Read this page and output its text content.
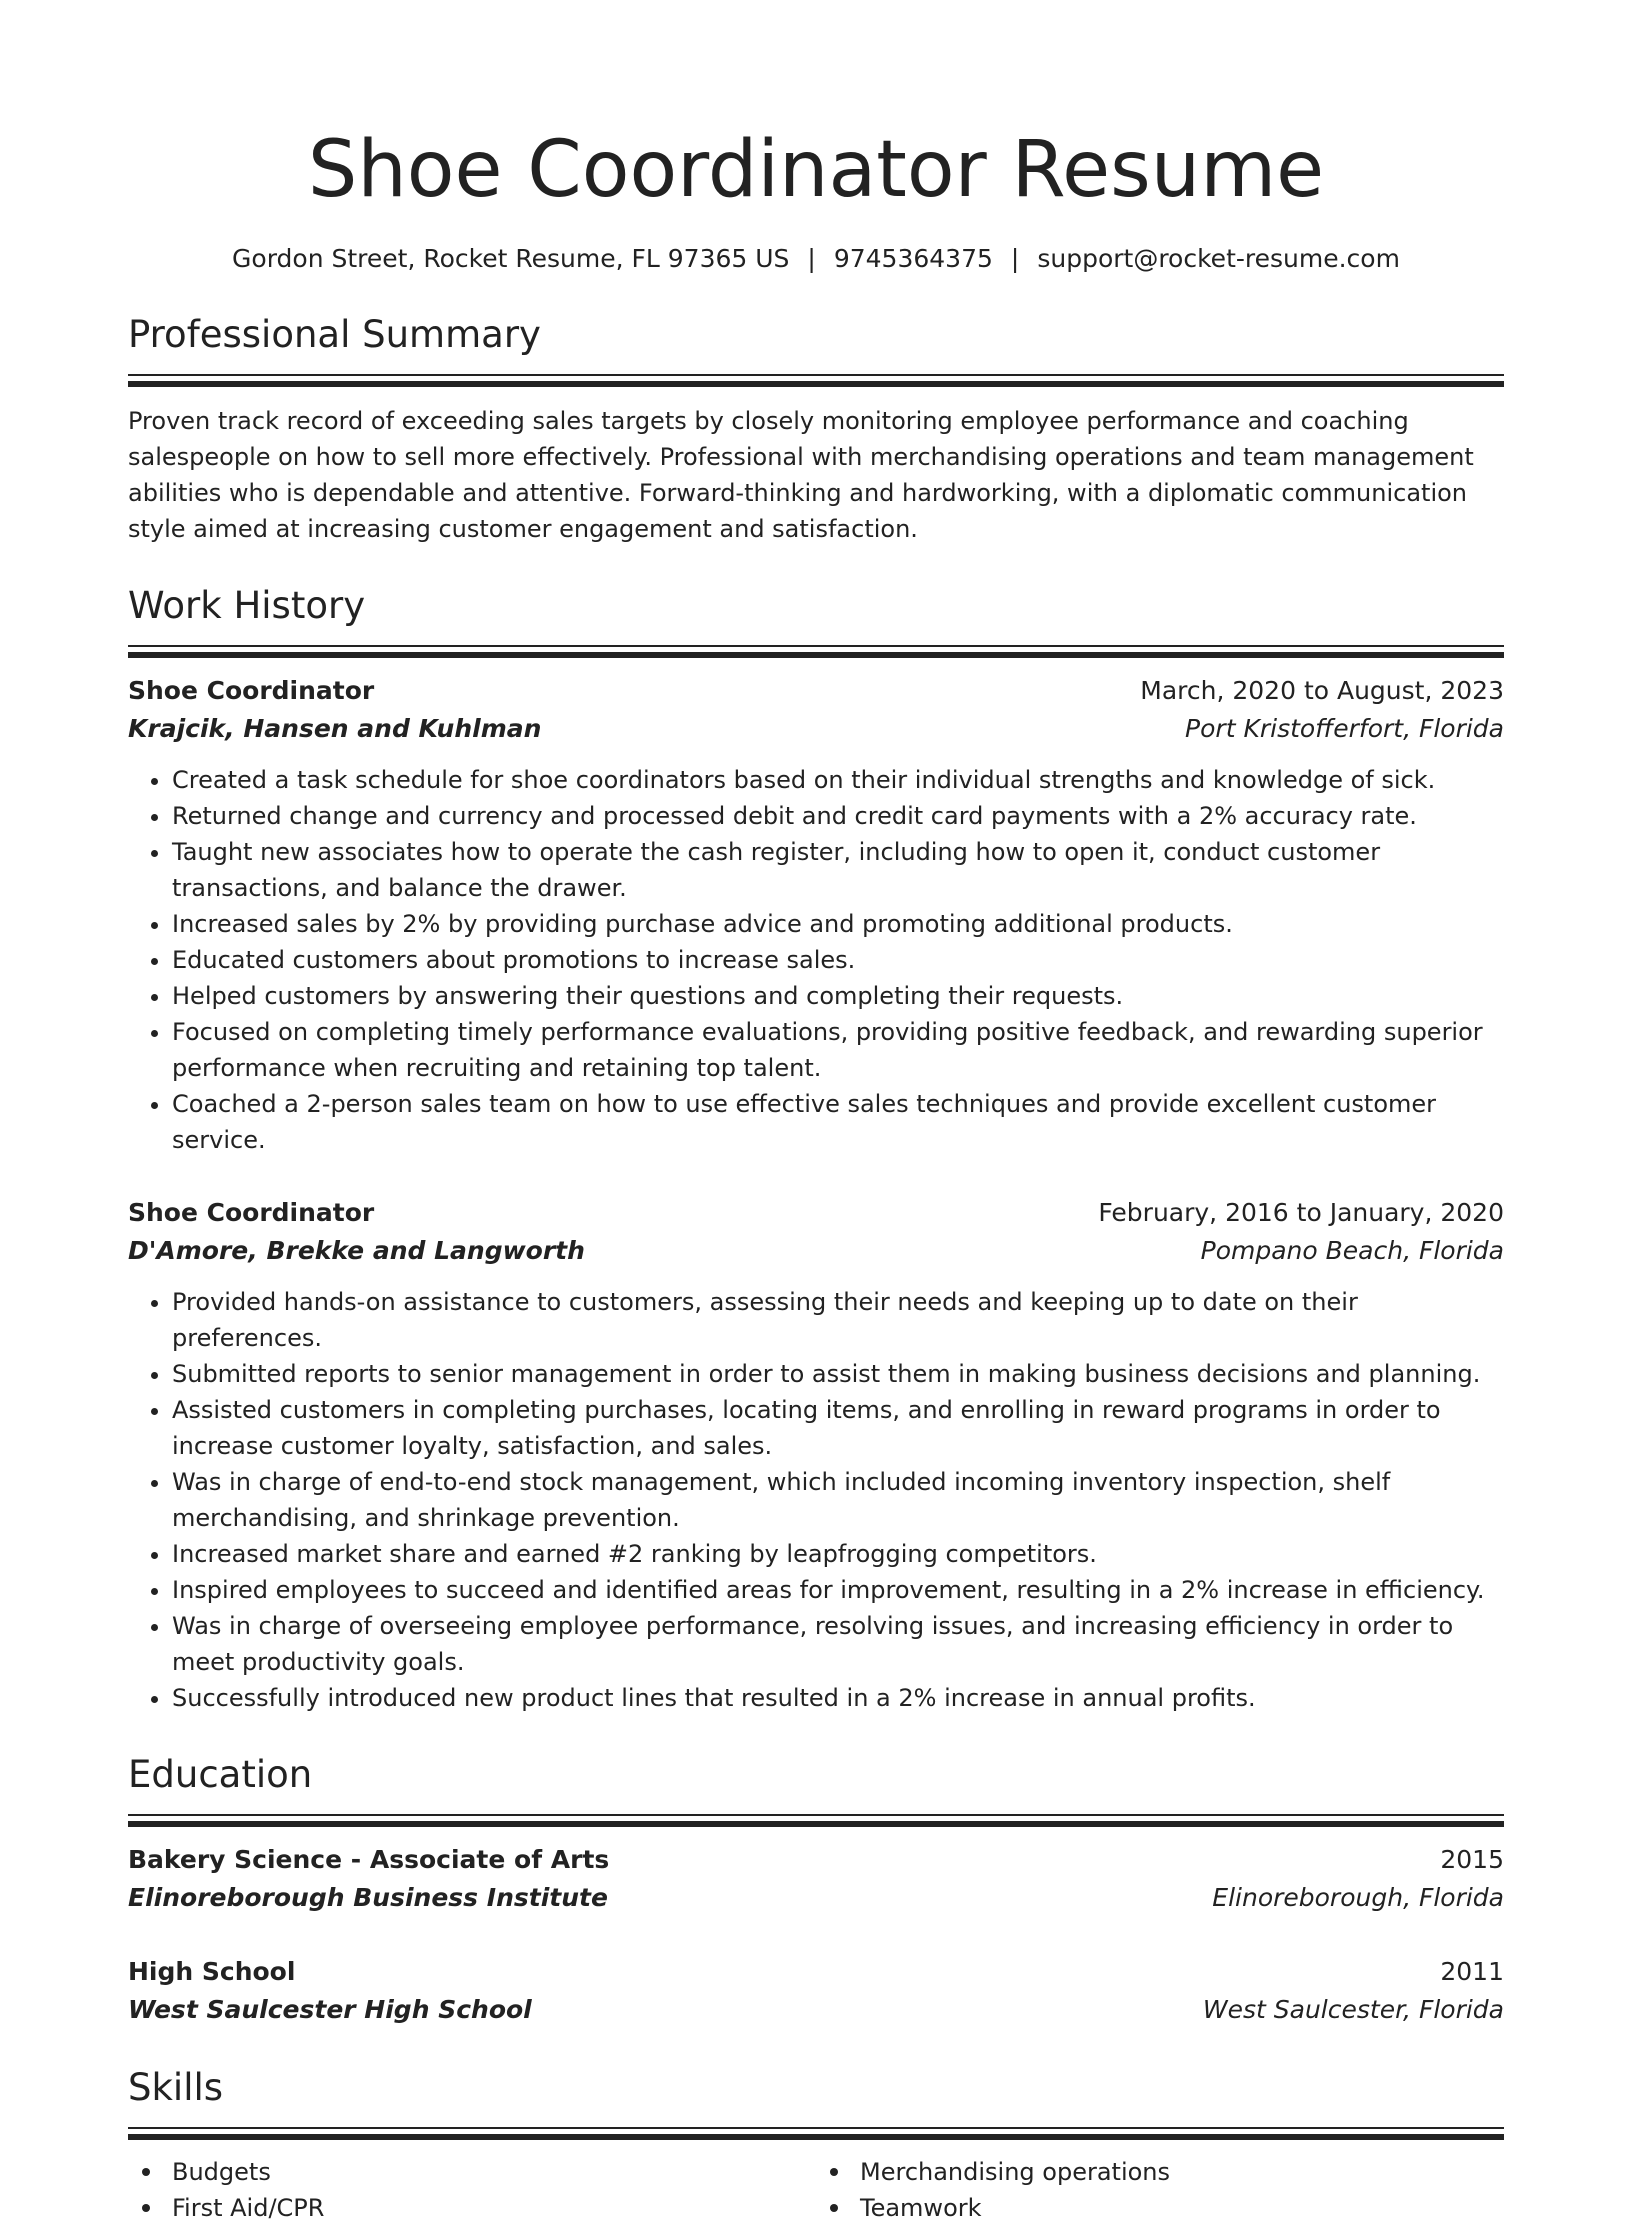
Shoe Coordinator Resume
Gordon Street, Rocket Resume, FL 97365 US | 9745364375 | support@rocket-resume.com
Professional Summary

Proven track record of exceeding sales targets by closely monitoring employee performance and coaching salespeople on how to sell more effectively. Professional with merchandising operations and team management abilities who is dependable and attentive. Forward-thinking and hardworking, with a diplomatic communication style aimed at increasing customer engagement and satisfaction.

Work History
Shoe Coordinator	March, 2020 to August, 2023
Krajcik, Hansen and Kuhlman	Port Kristofferfort, Florida
• Created a task schedule for shoe coordinators based on their individual strengths and knowledge of sick.
• Returned change and currency and processed debit and credit card payments with a 2% accuracy rate.
• Taught new associates how to operate the cash register, including how to open it, conduct customer transactions, and balance the drawer.
• Increased sales by 2% by providing purchase advice and promoting additional products.
• Educated customers about promotions to increase sales.
• Helped customers by answering their questions and completing their requests.
• Focused on completing timely performance evaluations, providing positive feedback, and rewarding superior performance when recruiting and retaining top talent.
• Coached a 2-person sales team on how to use effective sales techniques and provide excellent customer service.
Shoe Coordinator	February, 2016 to January, 2020
D'Amore, Brekke and Langworth	Pompano Beach, Florida
• Provided hands-on assistance to customers, assessing their needs and keeping up to date on their preferences.
• Submitted reports to senior management in order to assist them in making business decisions and planning.
• Assisted customers in completing purchases, locating items, and enrolling in reward programs in order to increase customer loyalty, satisfaction, and sales.
• Was in charge of end-to-end stock management, which included incoming inventory inspection, shelf merchandising, and shrinkage prevention.
• Increased market share and earned #2 ranking by leapfrogging competitors.
• Inspired employees to succeed and identified areas for improvement, resulting in a 2% increase in efficiency.
• Was in charge of overseeing employee performance, resolving issues, and increasing efficiency in order to meet productivity goals.
• Successfully introduced new product lines that resulted in a 2% increase in annual profits.
Education
Bakery Science - Associate of Arts	2015
Elinoreborough Business Institute	Elinoreborough, Florida
High School	2011
West Saulcester High School	West Saulcester, Florida
Skills
Budgets	Merchandising operations
First Aid/CPR	Teamwork
